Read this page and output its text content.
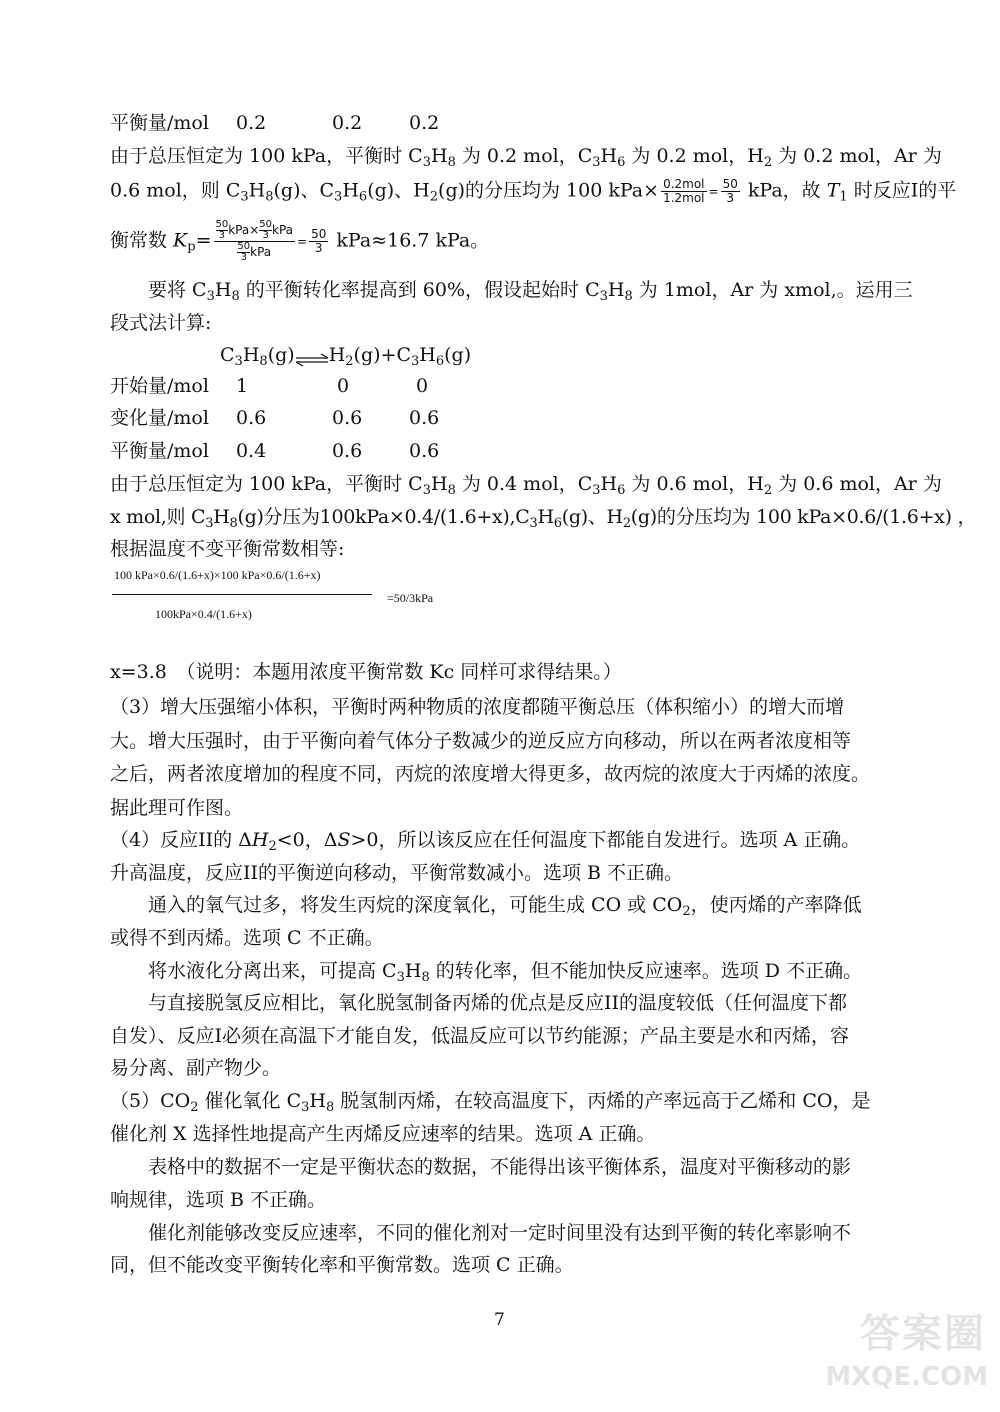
平衡量/mol 0.2	0.2 0.2
由于总压恒定为 100 kPa，平衡时 $C_3H_8$ 为 0.2 mol，$C_3H_6$ 为 0.2 mol，$H_2$ 为 0.2 mol，Ar 为
0.6 mol，则 $C_3H_8(g)$、$C_3H_6(g)$、$H_2(g)$的分压均为 100 $kPa\times \frac{\text{0.2mol}}{\text{1.2mol}} = \frac{50}{3}$ kPa，故 $T_1$ 时反应I的平
衡常数 $K_p= \frac{\frac{50}{3} kPa\times \frac{50}{3} kPa}{\frac{50}{3} kPa} = \frac{50}{3} kPa\approx 16.7$ kPa。
要将 $C_3H_8$ 的平衡转化率提高到 60%，假设起始时 $C_3H_8$ 为 1mol，Ar 为 xmol,。运用三
段式法计算:
$C_3H_8(g)\rightleftharpoons H_2(g)+C_3H_6(g)$
开始量/mol 1	0	0
变化量/mol 0.6	0.6 0.6
平衡量/mol 0.4	0.6 0.6
由于总压恒定为 100 kPa，平衡时 $C_3H_8$ 为 0.4 mol，$C_3H_6$ 为 0.6 mol，$H_2$ 为 0.6 mol，Ar 为
x mol,则 $C_3H_8(g)$分压为$100kPa\times 0.4/(1.6+x),C_3H_6(g)$、$H_2(g)$的分压均为 100 kPa×0.6/(1.6+x) ，
根据温度不变平衡常数相等:
100 kPa×0.6/(1.6+x)×100 kPa×0.6/(1.6+x)
=50/3kPa
100kPa×0.4/(1.6+x)
x=3.8　（说明：本题用浓度平衡常数 Kc 同样可求得结果。）
（3）增大压强缩小体积，平衡时两种物质的浓度都随平衡总压（体积缩小）的增大而增
大。增大压强时，由于平衡向着气体分子数减少的逆反应方向移动，所以在两者浓度相等
之后，两者浓度增加的程度不同，丙烷的浓度增大得更多，故丙烷的浓度大于丙烯的浓度。
据此理可作图。
（4）反应II的 $\Delta H_2<0$，ΔS>0，所以该反应在任何温度下都能自发进行。选项 A 正确。
升高温度，反应II的平衡逆向移动，平衡常数减小。选项 B 不正确。
通入的氧气过多，将发生丙烷的深度氧化，可能生成 CO 或 $CO_2$，使丙烯的产率降低
或得不到丙烯。选项 C 不正确。
将水液化分离出来，可提高 $C_3H_8$ 的转化率，但不能加快反应速率。选项 D 不正确。
与直接脱氢反应相比，氧化脱氢制备丙烯的优点是反应II的温度较低（任何温度下都
自发）、反应I必须在高温下才能自发，低温反应可以节约能源；产品主要是水和丙烯，容
易分离、副产物少。
$(5)CO_2$ 催化氧化 $C_3H_8$ 脱氢制丙烯，在较高温度下，丙烯的产率远高于乙烯和 CO，是
催化剂 X 选择性地提高产生丙烯反应速率的结果。选项 A 正确。
表格中的数据不一定是平衡状态的数据，不能得出该平衡体系，温度对平衡移动的影
响规律，选项 B 不正确。
催化剂能够改变反应速率，不同的催化剂对一定时间里没有达到平衡的转化率影响不
同，但不能改变平衡转化率和平衡常数。选项 C 正确。
7	答案圈
MXQE.COM
